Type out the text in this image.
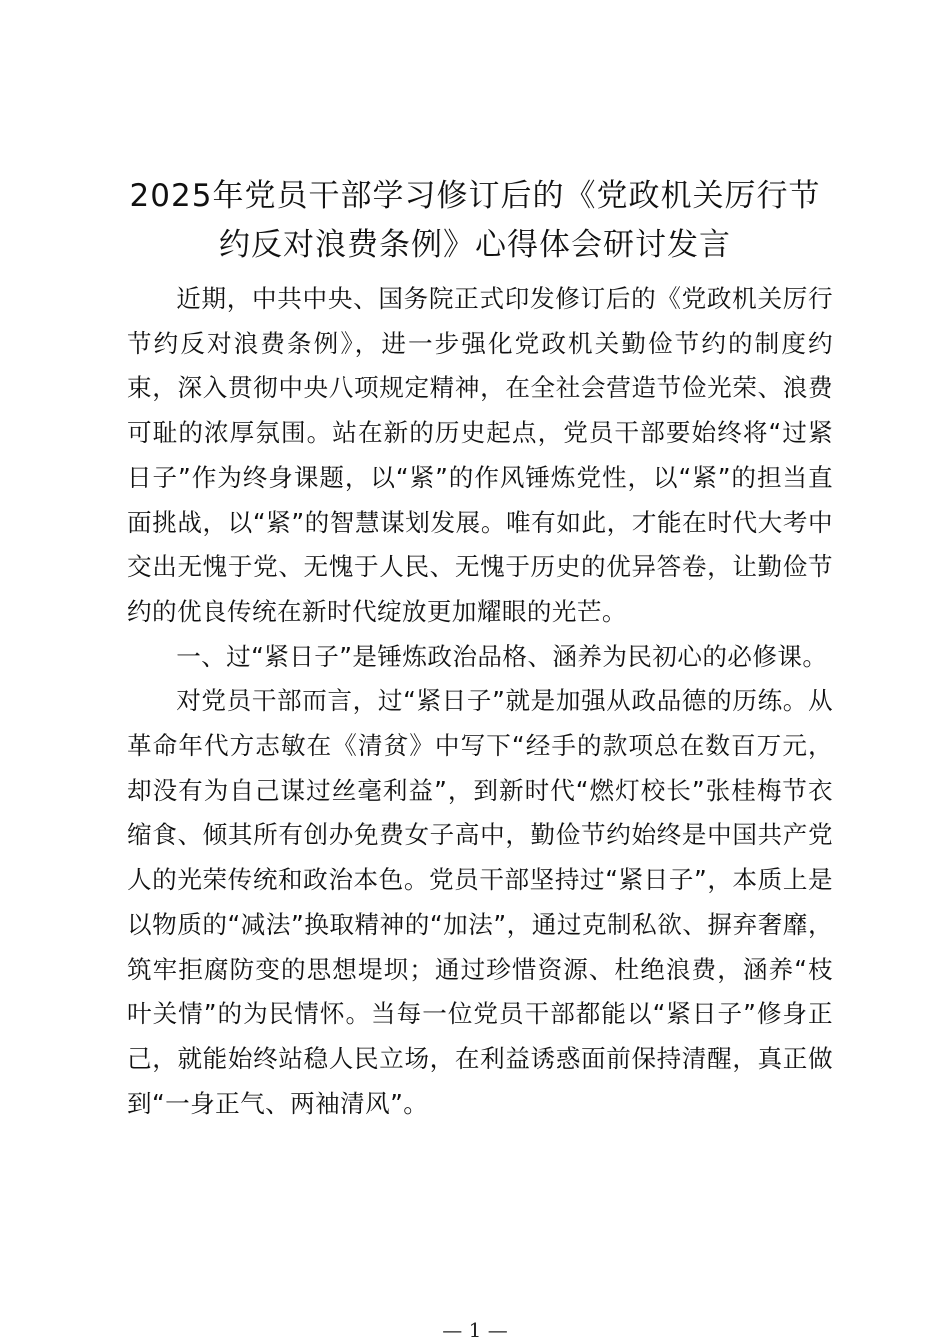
2025年党员干部学习修订后的《党政机关厉行节约反对浪费条例》心得体会研讨发言

近期，中共中央、国务院正式印发修订后的《党政机关厉行节约反对浪费条例》，进一步强化党政机关勤俭节约的制度约束，深入贯彻中央八项规定精神，在全社会营造节俭光荣、浪费可耻的浓厚氛围。站在新的历史起点，党员干部要始终将“过紧日子”作为终身课题，以“紧”的作风锤炼党性，以“紧”的担当直面挑战，以“紧”的智慧谋划发展。唯有如此，才能在时代大考中交出无愧于党、无愧于人民、无愧于历史的优异答卷，让勤俭节约的优良传统在新时代绽放更加耀眼的光芒。

一、过“紧日子”是锤炼政治品格、涵养为民初心的必修课。

对党员干部而言，过“紧日子”就是加强从政品德的历练。从革命年代方志敏在《清贫》中写下“经手的款项总在数百万元，却没有为自己谋过丝毫利益”，到新时代“燃灯校长”张桂梅节衣缩食、倾其所有创办免费女子高中，勤俭节约始终是中国共产党人的光荣传统和政治本色。党员干部坚持过“紧日子”，本质上是以物质的“减法”换取精神的“加法”，通过克制私欲、摒弃奢靡，筑牢拒腐防变的思想堤坝；通过珍惜资源、杜绝浪费，涵养“枝叶关情”的为民情怀。当每一位党员干部都能以“紧日子”修身正己，就能始终站稳人民立场，在利益诱惑面前保持清醒，真正做到“一身正气、两袖清风”。

— 1 —
